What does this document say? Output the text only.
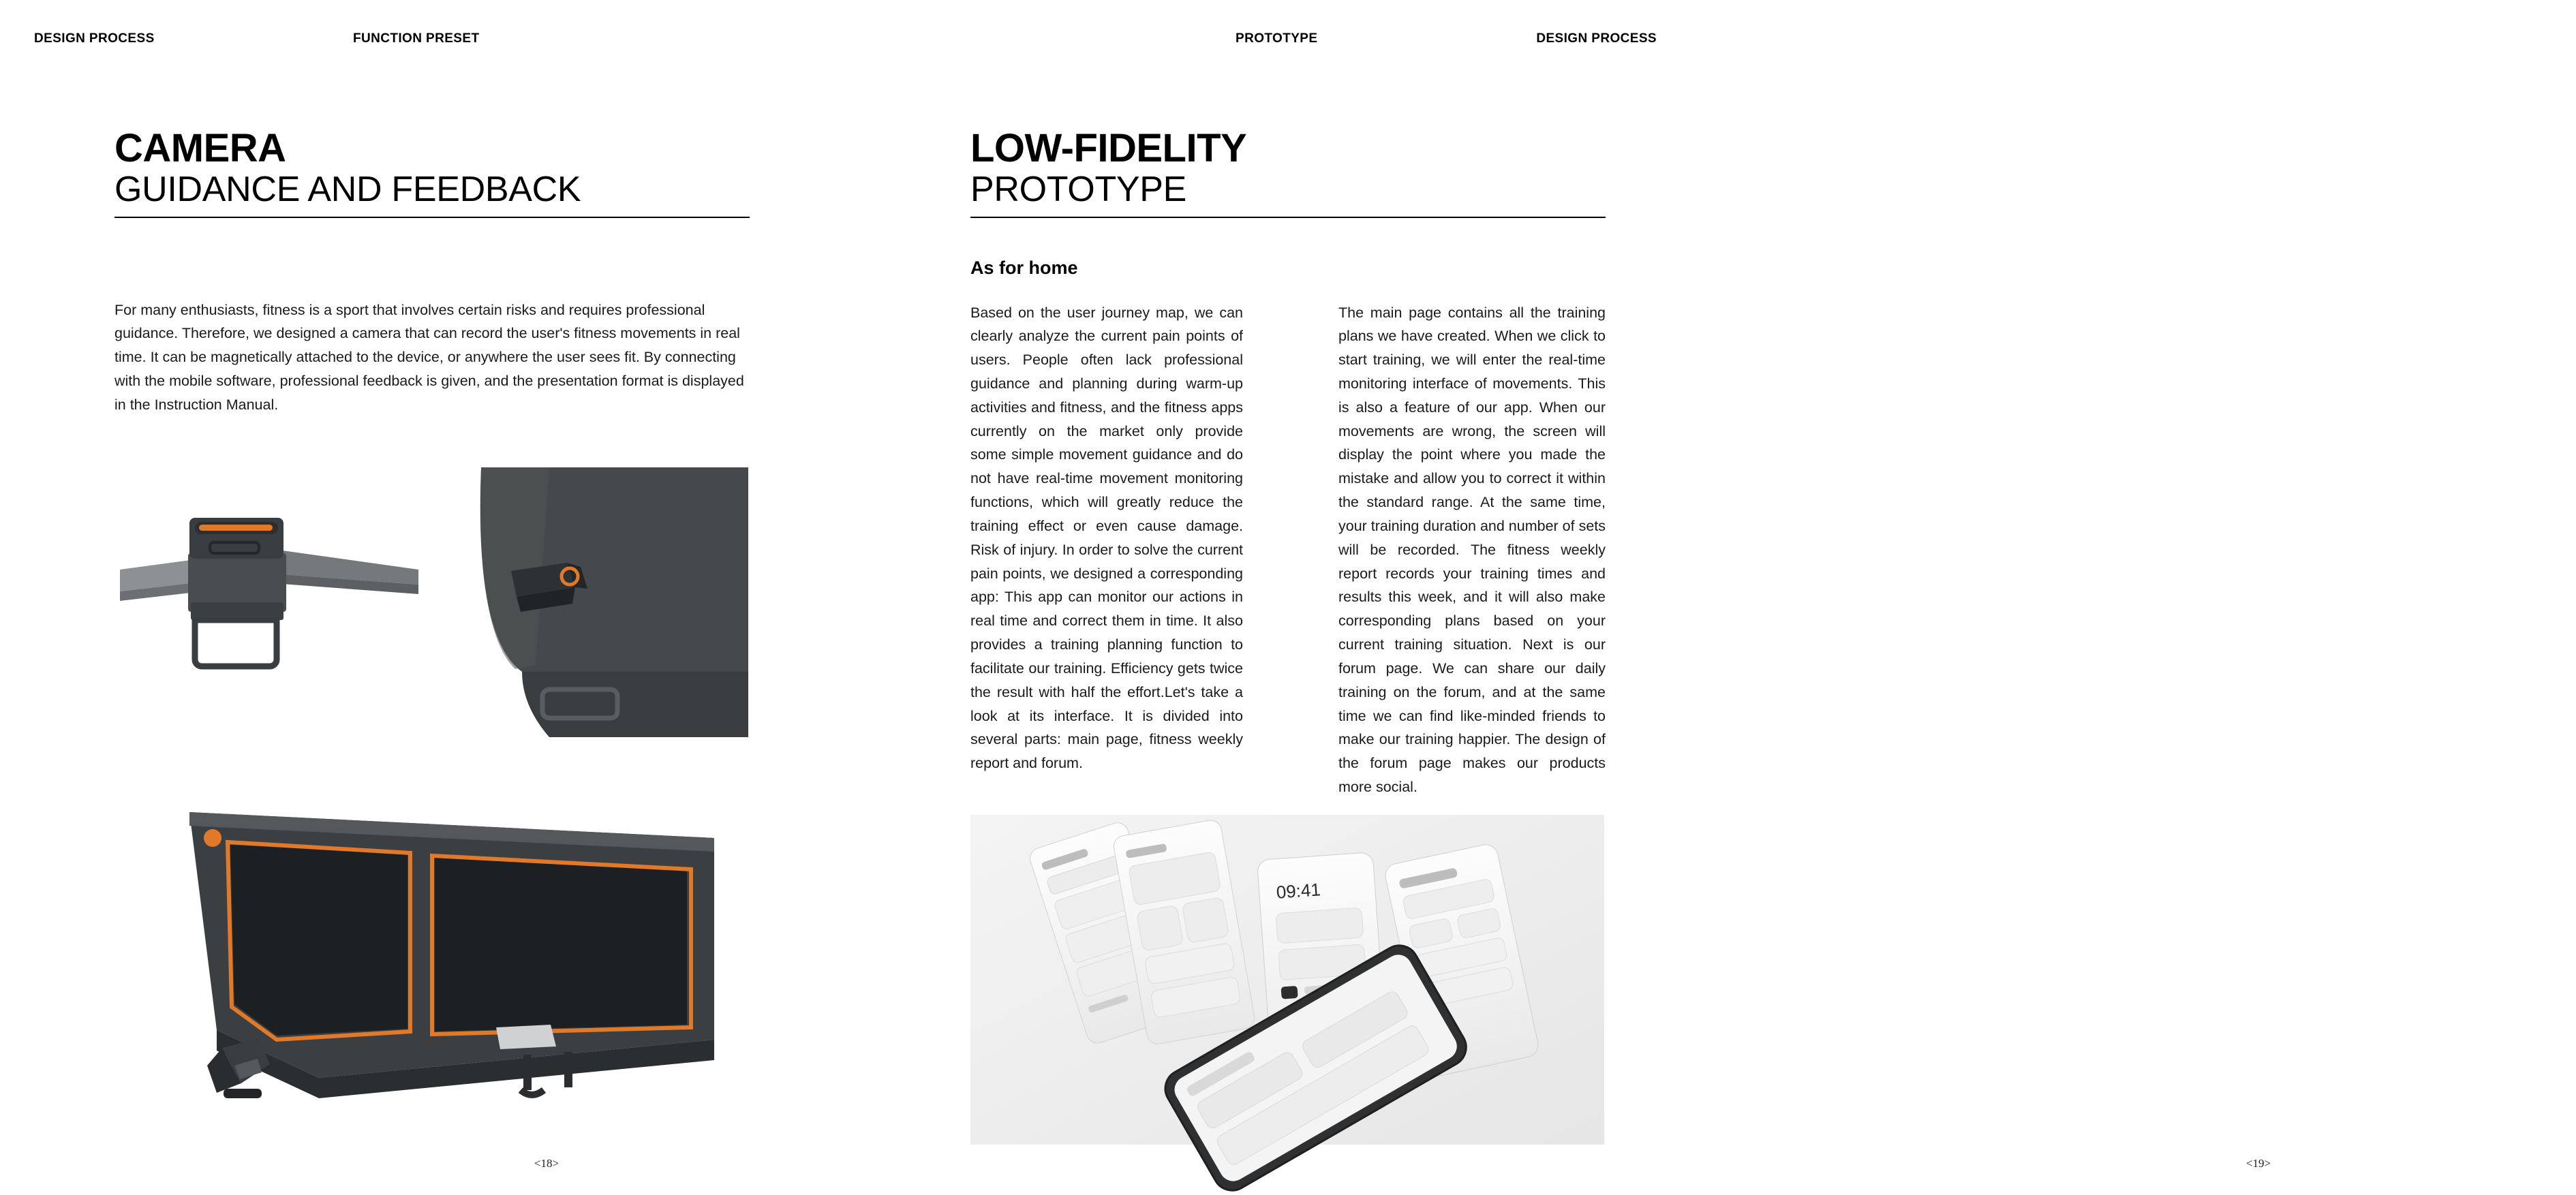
DESIGN PROCESS	FUNCTION PRESET	PROTOTYPE	DESIGN PROCESS
CAMERA
GUIDANCE AND FEEDBACK

For many enthusiasts, fitness is a sport that involves certain risks and requires professional guidance. Therefore, we designed a camera that can record the user's fitness movements in real time. It can be magnetically attached to the device, or anywhere the user sees fit. By connecting with the mobile software, professional feedback is given, and the presentation format is displayed in the Instruction Manual.

<18>
LOW-FIDELITY
PROTOTYPE
As for home

Based on the user journey map, we can clearly analyze the current pain points of users. People often lack professional guidance and planning during warm-up activities and fitness, and the fitness apps currently on the market only provide some simple movement guidance and do not have real-time movement monitoring functions, which will greatly reduce the training effect or even cause damage. Risk of injury. In order to solve the current pain points, we designed a corresponding app: This app can monitor our actions in real time and correct them in time. It also provides a training planning function to facilitate our training. Efficiency gets twice the result with half the effort.Let's take a look at its interface. It is divided into several parts: main page, fitness weekly report and forum.

The main page contains all the training plans we have created. When we click to start training, we will enter the real-time monitoring interface of movements. This is also a feature of our app. When our movements are wrong, the screen will display the point where you made the mistake and allow you to correct it within the standard range. At the same time, your training duration and number of sets will be recorded. The fitness weekly report records your training times and results this week, and it will also make corresponding plans based on your current training situation. Next is our forum page. We can share our daily training on the forum, and at the same time we can find like-minded friends to make our training happier. The design of the forum page makes our products more social.

09:41
<19>
